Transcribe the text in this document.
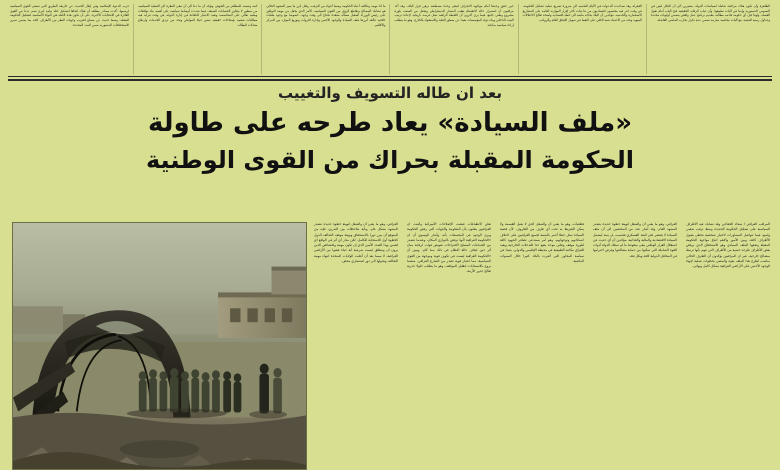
الظاهرة وأن تكون هناك مراجعة شاملة لسياسات الدولة، مشيرين الى أن الخلل ليس في النصوص الدستورية وإنما في آليات تطبيقها، وأن غياب الرقابة الحقيقية فتح الباب أمام تغول الفساد، ولهذا فإن أي حكومة قادمة مطالبة بتقديم برنامج عمل واقعي يتضمن أولويات محددة وجداول زمنية للتنفيذ، مع آليات محاسبة صارمة تضمن عدم تكرار تجارب الماضي الفاشلة.
الفقراء، وقد تصاعدت الدعوات في الأيام الماضية الى ضرورة تسريع عملية تشكيل الحكومة، في وقت حذر فيه مختصون اقتصاديون من تداعيات تأخر إقرار الموازنة العامة على المشاريع الاستثمارية والخدمية، مؤكدين أن البلاد بحاجة ماسة الى خطة اقتصادية واضحة تعالج الاختلالات البنيوية وتحد من الاعتماد شبه الكلي على النفط في تمويل الإنفاق العام والرواتب.
حين حقق وحدها أمام مواجهة الانحراف لتبقى وحدة مصطنعة ترهن قرار البلاد، وقد أكد مراقبون أن استمرار حالة الانقسام يعقب المسار الديمقراطي ويجعل من الصعب بلورة مشروع وطني جامع، فيما يرى آخرون أن اللحظة الراهنة تمثل فرصة تاريخية لإعادة ترتيب البيت الداخلي وبناء دولة المؤسسات بعيدا عن منطق الغلبة والاستقواء بالخارج، وهو ما يتطلب إرادة سياسية صادقة.
ما اذا مهمة وتكالف أعباء الحكومة وسط أجواء من الترقب، ولعل أبرز ما يميز المشهد الحالي هو تشابك المصالح وتقاطع الرؤى بين القوى السياسية، الأمر الذي يجعل من مهمة التوافق على رئيس الوزراء المقبل مسألة معقدة تحتاج الى وقت وجهد، خصوصا مع وجود ملفات خلافية عالقة أبرزها ملف السيادة والوجود الأجنبي وإدارة الثروات وتوزيع الموارد بين المركز والأقاليم.
ائمة وتستند للمظاهر من الجوهر، وتؤكد أن ما دعا الى أن تبقى النظرة الى العملية السياسية من منظور لا يتجاوز الحسابات الضيقة، فيما شددت أوساط سياسية على أهمية بناء توافقات وطنية تعالي على المحاصصة وتعيد الاعتبار للكفاءة في إدارة الدولة، في وقت تتزايد فيه مطالبات شعبية بإصلاحات حقيقية تمس حياة المواطن وتحد من تردي الخدمات وارتفاع معدلات البطالة.
حزب الدعوة الإسلامية وفي إطار الحديث عن خارطة الطريق التي تسعى القوى السياسية لرسمها، أكدت مصادر مطلعة أن هناك اتجاها لتشكيل كتلة نيابية كبرى تضم عددا من القوى الفائزة في الانتخابات الأخيرة، على أن تكون هذه الكتلة هي النواة الأساسية لتشكيل الحكومة المقبلة، وسط حديث عن مساع لتقريب وجهات النظر بين الأطراف كافة بما يضمن تمرير الاستحقاقات الدستورية ضمن المدد المحددة.
بعد ان طاله التسويف والتغييب
«ملف السيادة» يعاد طرحه على طاولة
الحكومة المقبلة بحراك من القوى الوطنية
المراقب العراقي / سجاد الخفاجي وقد تشابك فيه الأطراف السياسية على تشكيل الحكومة الجديدة وسط ترقب شعبي واسع، فيما تتواصل المشاورات لاختيار شخصية تحظى بقبول الأطراف كافة. وبين الأمور والاهم اتباع مواجهة الحكومة المقبلة وضعها الملف السيادي وهو الاستحقاق الذي يرفض بعض الأطراف طرحه خشية من الأطراف التي تتهم بأنها ترتبط بمصالح خارجية، غير ان المراقبين يؤكدون أن الظرف الحالي مناسب لطرح هذا الملف بقوة والمضي بخطوات عملية لإنهاء الوجود الأجنبي على الأراضي العراقية بشكل كامل ونهائي.
العراقي، وهو ما يعني أن والشغل لتهيئة خطوة جديدة يتصدر المشهد العام، وقد أشار عدد من المختصين الى أن ملف السيادة لا يقتصر على البعد العسكري فحسب، بل يمتد ليشمل السيادة الاقتصادية والمالية والغذائية، مؤكدين أن أي حديث عن استقلال القرار الوطني يبقى منقوصا ما لم تمتلك الدولة أدوات القوة الشاملة التي تمكنها من حماية مصالحها وفرض احترامها في المحافل الدولية كافة وبكل ثقة.
قطعيات، وهو ما يعني أن والشغل الذي لا يقبل القسمة ولا يمكن التفريط به تحت أي ظرف من الظروف، لأن قضية السيادة تمثل خطا أحمر بالنسبة لجميع العراقيين على اختلاف انتماءاتهم وتوجهاتهم، وهو أمر يستدعي تضافر الجهود كافة لبلورة موقف وطني موحد يضع حدا للتدخلات الخارجية ويعيد للعراق مكانته الطبيعية في محيطه الإقليمي والدولي، بعيدا عن سياسة المحاور التي أضرت بالبلاد كثيرا خلال السنوات الماضية.
تعلن الانطباعات قبضت الإصلاحات الأميركية وأثبتت ان العراقيين يظنون بأن المقاومة والجهات التي رفض الحكومة ويرى الوجود في المجتمعات بأنه. وأشار الوسوي أن ان «الحكومة العراقية لأنها ترفض بالتوازي المكان، وعندما تتصدر من الجماعات المسلح الاقتراحات تفويض قوات لرقابة مبان أثر حين ايقاف حالة النظام في ذلك مما كان. ويبين أن «الحكومة العراقية ليست في تكوين قوية وموجهة من القوى السياسية، مما اعتبار قوية تصدر من الشارع العراقي، منضما بروح بالانسحابات لتقليل المواقف، وهو ما يتطلب حلولا جذرية تعالج جذور الأزمة.
العراقي، وهو ما يعني أن والشغل لتهيئة خطوة جديدة تتصدر المشهد بشكل عام. وبأية ملاحظات بين التدرين، فإنه من المتوقع أن يبرز دورا بالاستحقاق وتهيئة موقف التحالف الدول كخطوة أول للاستجابة للكامل، لكن مدار أي أثر في الواقع أي لضمن بهذا الصدد الأمين الذي إن تكون مهمة ولخصائص الذين يرون ان وتنطلق ليست شرعية أية حياة قضوا من الأراضي العراقية، لا سيما بعد أن أعلنت الولايات المتحدة انتهاء مهمة التحالف وتحولها الى دور استشاري محض.
